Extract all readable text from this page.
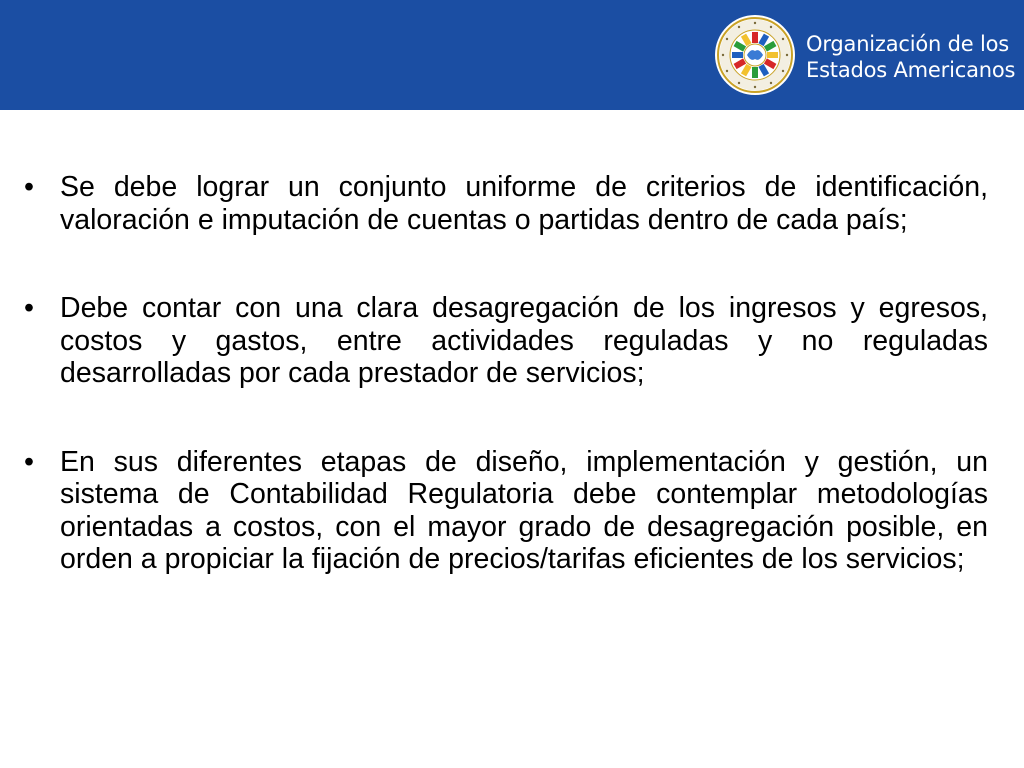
Organización de los
Estados Americanos
• Se debe lograr un conjunto uniforme de criterios de identificación, valoración e imputación de cuentas o partidas dentro de cada país;
• Debe contar con una clara desagregación de los ingresos y egresos, costos y gastos, entre actividades reguladas y no reguladas desarrolladas por cada prestador de servicios;
• En sus diferentes etapas de diseño, implementación y gestión, un sistema de Contabilidad Regulatoria debe contemplar metodologías orientadas a costos, con el mayor grado de desagregación posible, en orden a propiciar la fijación de precios/tarifas eficientes de los servicios;
